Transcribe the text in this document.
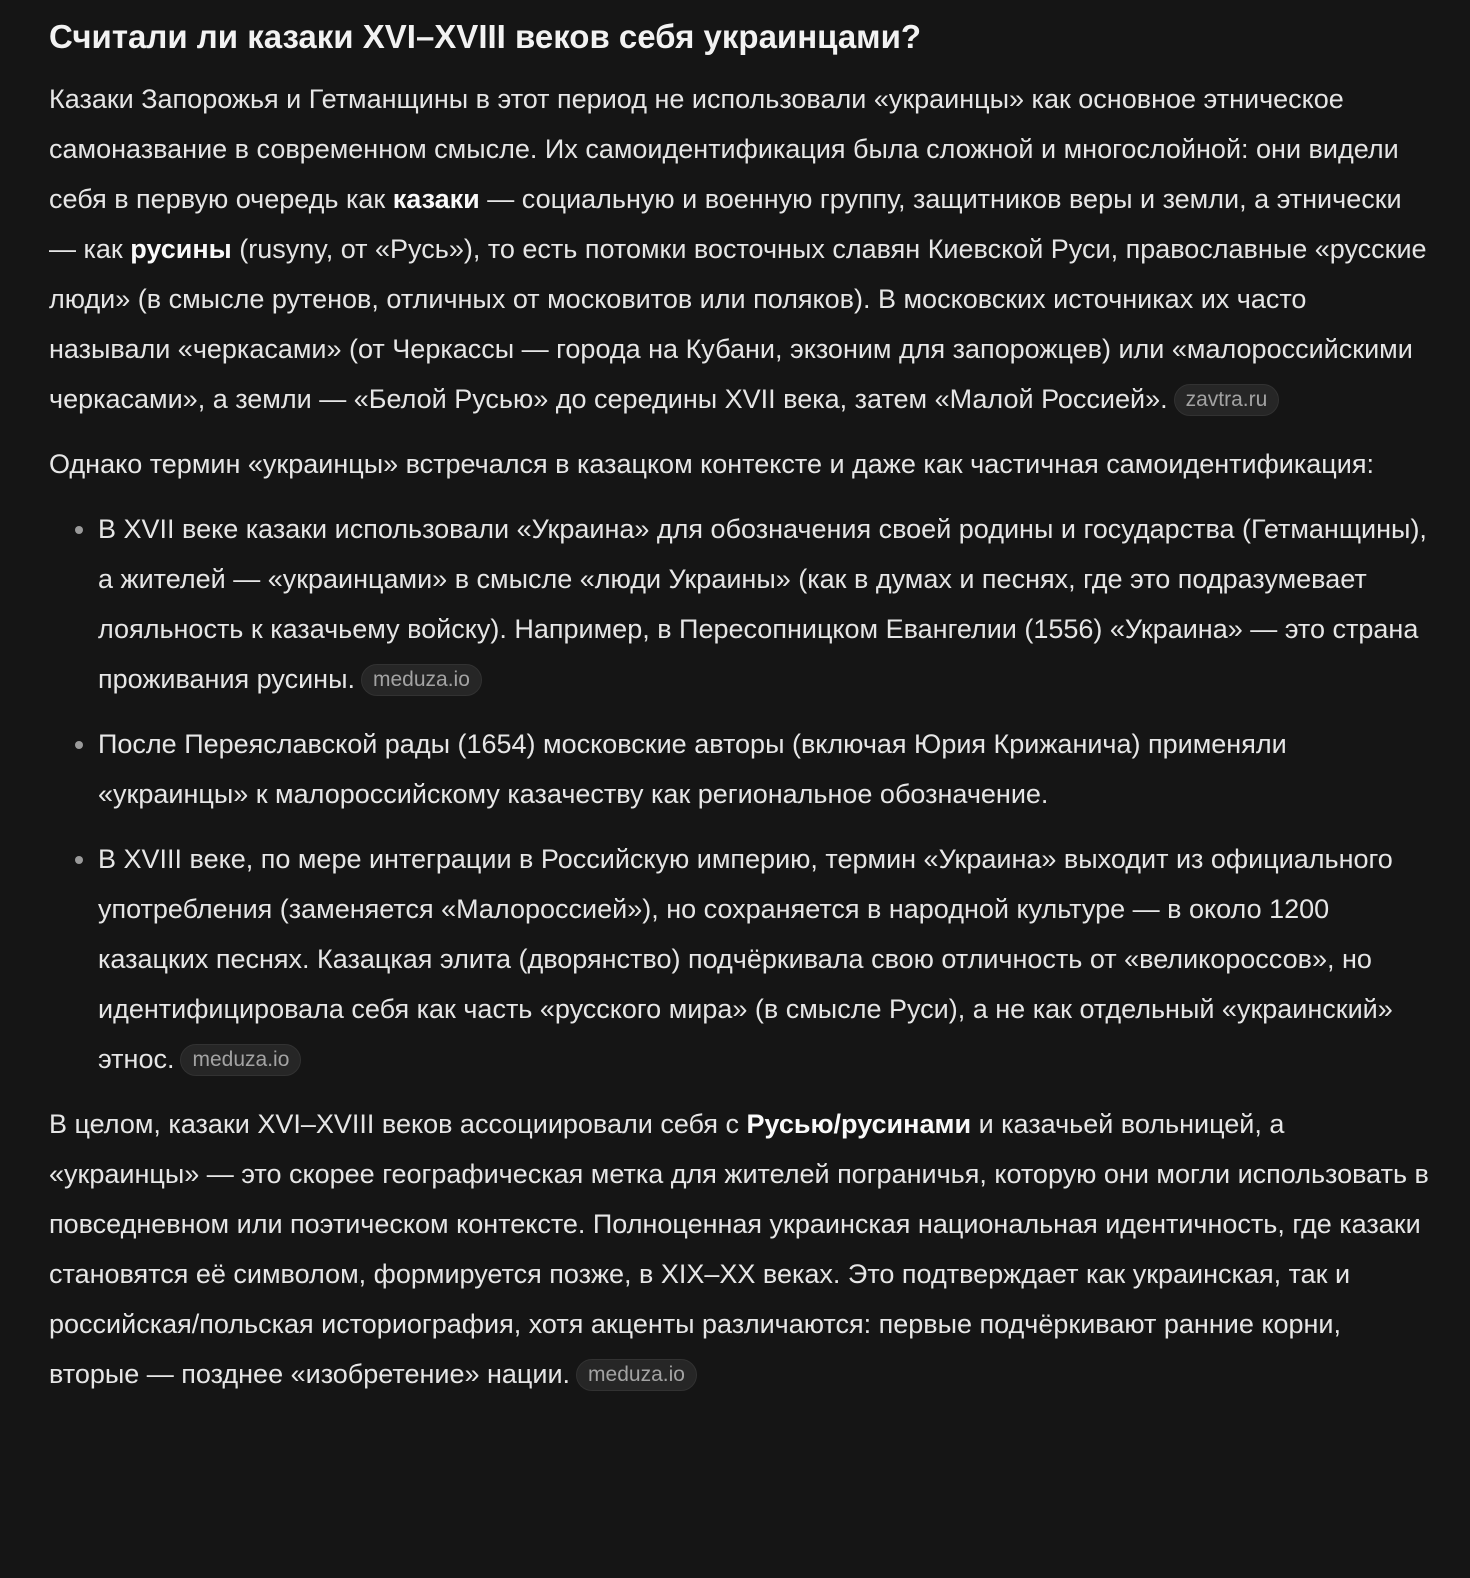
Считали ли казаки XVI–XVIII веков себя украинцами?

Казаки Запорожья и Гетманщины в этот период не использовали «украинцы» как основное этническое самоназвание в современном смысле. Их самоидентификация была сложной и многослойной: они видели себя в первую очередь как казаки — социальную и военную группу, защитников веры и земли, а этнически — как русины (rusyny, от «Русь»), то есть потомки восточных славян Киевской Руси, православные «русские люди» (в смысле рутенов, отличных от московитов или поляков). В московских источниках их часто называли «черкасами» (от Черкассы — города на Кубани, экзоним для запорожцев) или «малороссийскими черкасами», а земли — «Белой Русью» до середины XVII века, затем «Малой Россией». zavtra.ru

Однако термин «украинцы» встречался в казацком контексте и даже как частичная самоидентификация:

• В XVII веке казаки использовали «Украина» для обозначения своей родины и государства (Гетманщины), а жителей — «украинцами» в смысле «люди Украины» (как в думах и песнях, где это подразумевает лояльность к казачьему войску). Например, в Пересопницком Евангелии (1556) «Украина» — это страна проживания русины. meduza.io
• После Переяславской рады (1654) московские авторы (включая Юрия Крижанича) применяли «украинцы» к малороссийскому казачеству как региональное обозначение.
• В XVIII веке, по мере интеграции в Российскую империю, термин «Украина» выходит из официального употребления (заменяется «Малороссией»), но сохраняется в народной культуре — в около 1200 казацких песнях. Казацкая элита (дворянство) подчёркивала свою отличность от «великороссов», но идентифицировала себя как часть «русского мира» (в смысле Руси), а не как отдельный «украинский» этнос. meduza.io

В целом, казаки XVI–XVIII веков ассоциировали себя с Русью/русинами и казачьей вольницей, а «украинцы» — это скорее географическая метка для жителей пограничья, которую они могли использовать в повседневном или поэтическом контексте. Полноценная украинская национальная идентичность, где казаки становятся её символом, формируется позже, в XIX–XX веках. Это подтверждает как украинская, так и российская/польская историография, хотя акценты различаются: первые подчёркивают ранние корни, вторые — позднее «изобретение» нации. meduza.io
